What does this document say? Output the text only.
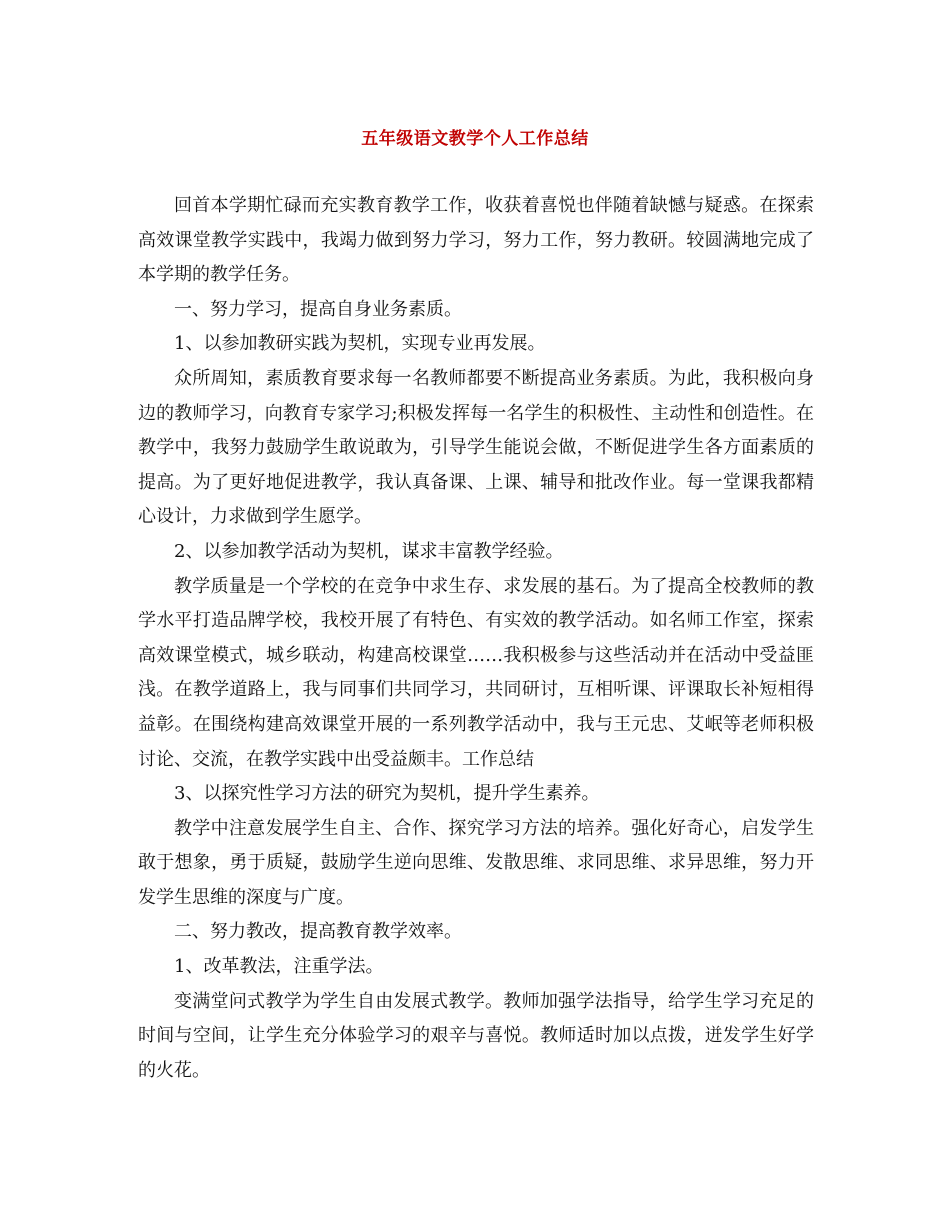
五年级语文教学个人工作总结

回首本学期忙碌而充实教育教学工作，收获着喜悦也伴随着缺憾与疑惑。在探索高效课堂教学实践中，我竭力做到努力学习，努力工作，努力教研。较圆满地完成了本学期的教学任务。

一、努力学习，提高自身业务素质。

1、以参加教研实践为契机，实现专业再发展。

众所周知，素质教育要求每一名教师都要不断提高业务素质。为此，我积极向身边的教师学习，向教育专家学习;积极发挥每一名学生的积极性、主动性和创造性。在教学中，我努力鼓励学生敢说敢为，引导学生能说会做，不断促进学生各方面素质的提高。为了更好地促进教学，我认真备课、上课、辅导和批改作业。每一堂课我都精心设计，力求做到学生愿学。

2、以参加教学活动为契机，谋求丰富教学经验。

教学质量是一个学校的在竞争中求生存、求发展的基石。为了提高全校教师的教学水平打造品牌学校，我校开展了有特色、有实效的教学活动。如名师工作室，探索高效课堂模式，城乡联动，构建高校课堂……我积极参与这些活动并在活动中受益匪浅。在教学道路上，我与同事们共同学习，共同研讨，互相听课、评课取长补短相得益彰。在围绕构建高效课堂开展的一系列教学活动中，我与王元忠、艾岷等老师积极讨论、交流，在教学实践中出受益颇丰。工作总结

3、以探究性学习方法的研究为契机，提升学生素养。

教学中注意发展学生自主、合作、探究学习方法的培养。强化好奇心，启发学生敢于想象，勇于质疑，鼓励学生逆向思维、发散思维、求同思维、求异思维，努力开发学生思维的深度与广度。

二、努力教改，提高教育教学效率。

1、改革教法，注重学法。

变满堂问式教学为学生自由发展式教学。教师加强学法指导，给学生学习充足的时间与空间，让学生充分体验学习的艰辛与喜悦。教师适时加以点拨，迸发学生好学的火花。
